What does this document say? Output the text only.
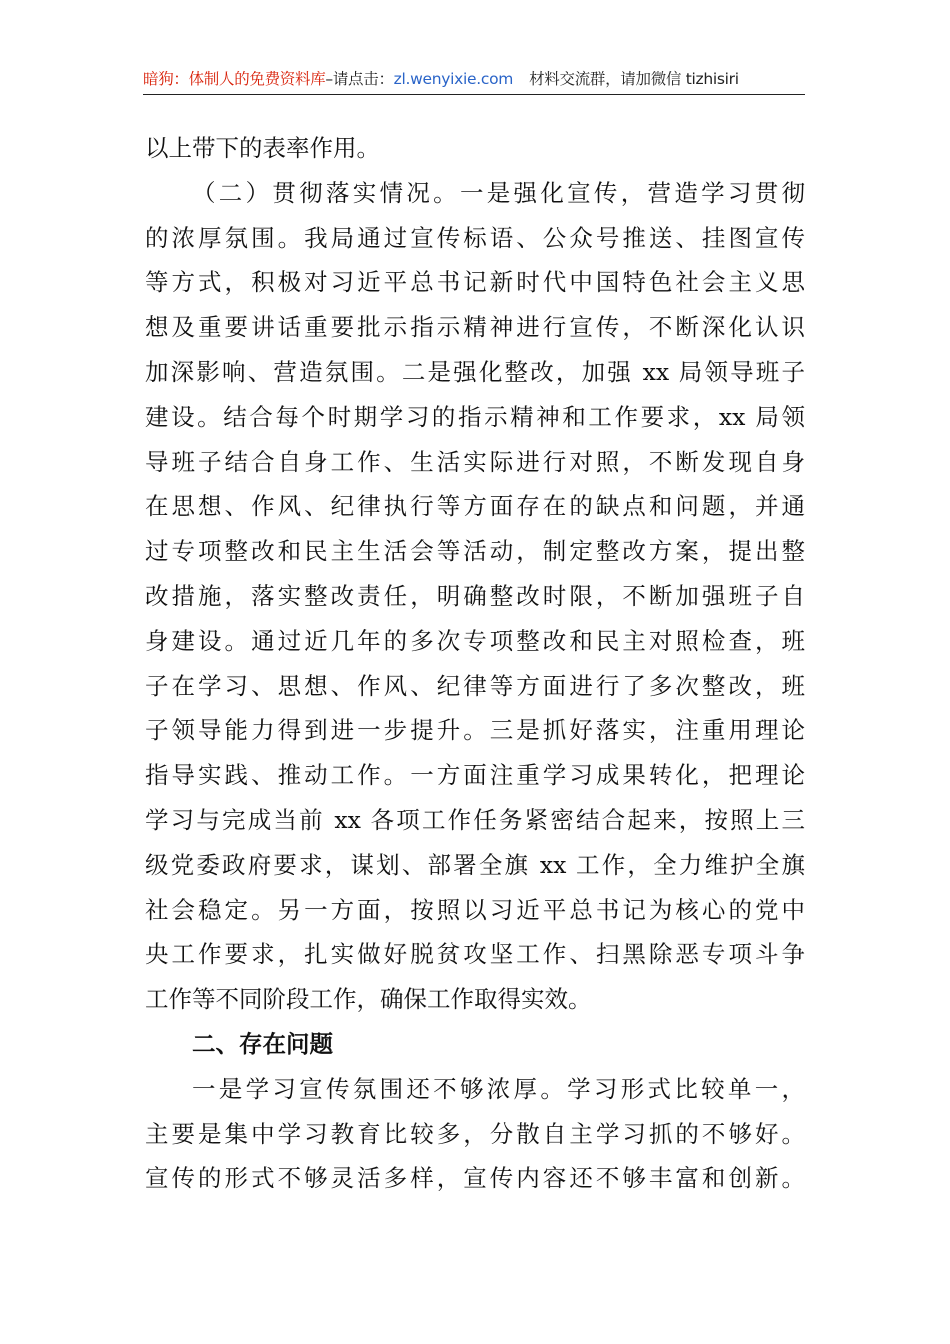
暗狗：体制人的免费资料库–请点击：zl.wenyixie.com 材料交流群，请加微信 tizhisiri
以上带下的表率作用。
（二）贯彻落实情况。一是强化宣传，营造学习贯彻
的浓厚氛围。我局通过宣传标语、公众号推送、挂图宣传
等方式，积极对习近平总书记新时代中国特色社会主义思
想及重要讲话重要批示指示精神进行宣传，不断深化认识
加深影响、营造氛围。二是强化整改，加强 xx 局领导班子
建设。结合每个时期学习的指示精神和工作要求，xx 局领
导班子结合自身工作、生活实际进行对照，不断发现自身
在思想、作风、纪律执行等方面存在的缺点和问题，并通
过专项整改和民主生活会等活动，制定整改方案，提出整
改措施，落实整改责任，明确整改时限，不断加强班子自
身建设。通过近几年的多次专项整改和民主对照检查，班
子在学习、思想、作风、纪律等方面进行了多次整改，班
子领导能力得到进一步提升。三是抓好落实，注重用理论
指导实践、推动工作。一方面注重学习成果转化，把理论
学习与完成当前 xx 各项工作任务紧密结合起来，按照上三
级党委政府要求，谋划、部署全旗 xx 工作，全力维护全旗
社会稳定。另一方面，按照以习近平总书记为核心的党中
央工作要求，扎实做好脱贫攻坚工作、扫黑除恶专项斗争
工作等不同阶段工作，确保工作取得实效。
二、存在问题
一是学习宣传氛围还不够浓厚。学习形式比较单一，
主要是集中学习教育比较多，分散自主学习抓的不够好。
宣传的形式不够灵活多样，宣传内容还不够丰富和创新。
